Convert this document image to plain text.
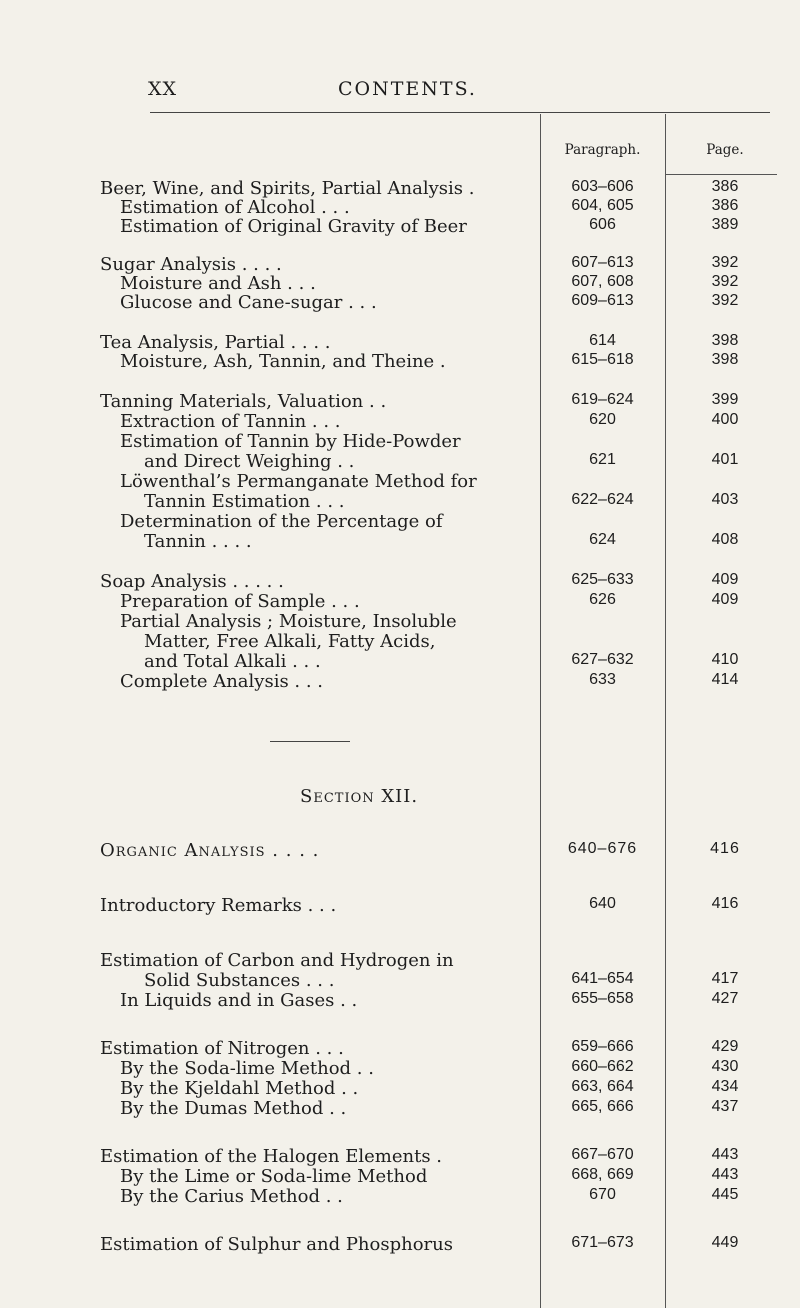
XX	CONTENTS.
Paragraph.	Page.
Beer, Wine, and Spirits, Partial Analysis .	603–606	386
Estimation of Alcohol . . .	604, 605	386
Estimation of Original Gravity of Beer	606	389
Sugar Analysis . . . .	607–613	392
Moisture and Ash . . .	607, 608	392
Glucose and Cane-sugar . . .	609–613	392
Tea Analysis, Partial . . . .	614	398
Moisture, Ash, Tannin, and Theine .	615–618	398
Tanning Materials, Valuation . .	619–624	399
Extraction of Tannin . . .	620	400
Estimation of Tannin by Hide-Powder
and Direct Weighing . .	621	401
Löwenthal’s Permanganate Method for
Tannin Estimation . . .	622–624	403
Determination of the Percentage of
Tannin . . . .	624	408
Soap Analysis . . . . .	625–633	409
Preparation of Sample . . .	626	409
Partial Analysis ; Moisture, Insoluble
Matter, Free Alkali, Fatty Acids,
and Total Alkali . . .	627–632	410
Complete Analysis . . .	633	414
Section XII.
Organic Analysis . . . .	640–676	416
Introductory Remarks . . .	640	416
Estimation of Carbon and Hydrogen in
Solid Substances . . .	641–654	417
In Liquids and in Gases . .	655–658	427
Estimation of Nitrogen . . .	659–666	429
By the Soda-lime Method . .	660–662	430
By the Kjeldahl Method . .	663, 664	434
By the Dumas Method . .	665, 666	437
Estimation of the Halogen Elements .	667–670	443
By the Lime or Soda-lime Method	668, 669	443
By the Carius Method . .	670	445
Estimation of Sulphur and Phosphorus	671–673	449
